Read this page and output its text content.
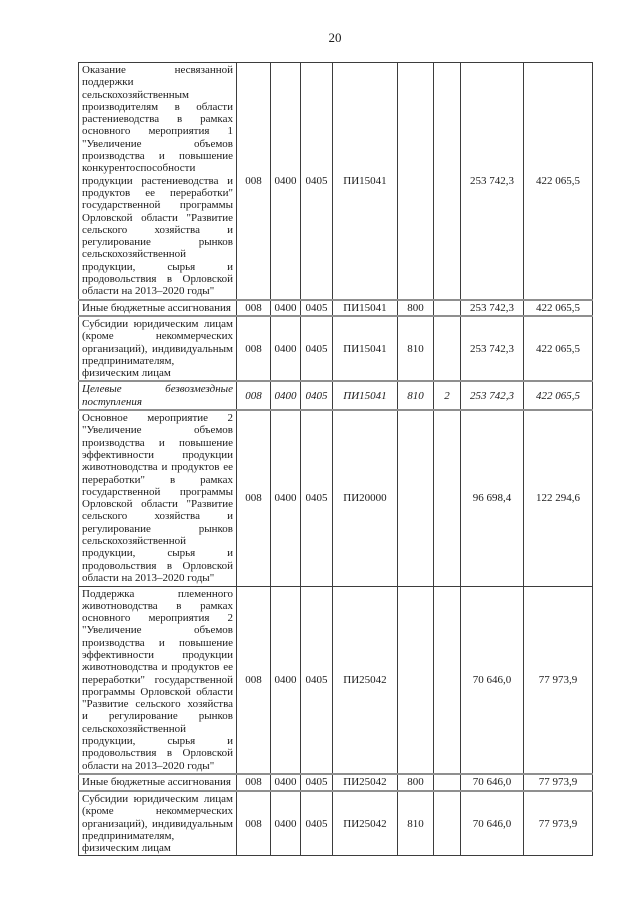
20
Оказание несвязанной поддержки сельскохозяйственным производителям в области растениеводства в рамках основного мероприятия 1 "Увеличение объемов производства и повышение конкурентоспособности продукции растениеводства и продуктов ее переработки" государственной программы Орловской области "Развитие сельского хозяйства и регулирование рынков сельскохозяйственной продукции, сырья и продовольствия в Орловской области на 2013–2020 годы"	008	0400	0405	ПИ15041			253 742,3	422 065,5
Иные бюджетные ассигнования	008	0400	0405	ПИ15041	800		253 742,3	422 065,5
Субсидии юридическим лицам (кроме некоммерческих организаций), индивидуальным предпринимателям, физическим лицам	008	0400	0405	ПИ15041	810		253 742,3	422 065,5
Целевые безвозмездные поступления	008	0400	0405	ПИ15041	810	2	253 742,3	422 065,5
Основное мероприятие 2 "Увеличение объемов производства и повышение эффективности продукции животноводства и продуктов ее переработки" в рамках государственной программы Орловской области "Развитие сельского хозяйства и регулирование рынков сельскохозяйственной продукции, сырья и продовольствия в Орловской области на 2013–2020 годы"	008	0400	0405	ПИ20000			96 698,4	122 294,6
Поддержка племенного животноводства в рамках основного мероприятия 2 "Увеличение объемов производства и повышение эффективности продукции животноводства и продуктов ее переработки" государственной программы Орловской области "Развитие сельского хозяйства и регулирование рынков сельскохозяйственной продукции, сырья и продовольствия в Орловской области на 2013–2020 годы"	008	0400	0405	ПИ25042			70 646,0	77 973,9
Иные бюджетные ассигнования	008	0400	0405	ПИ25042	800		70 646,0	77 973,9
Субсидии юридическим лицам (кроме некоммерческих организаций), индивидуальным предпринимателям, физическим лицам	008	0400	0405	ПИ25042	810		70 646,0	77 973,9
